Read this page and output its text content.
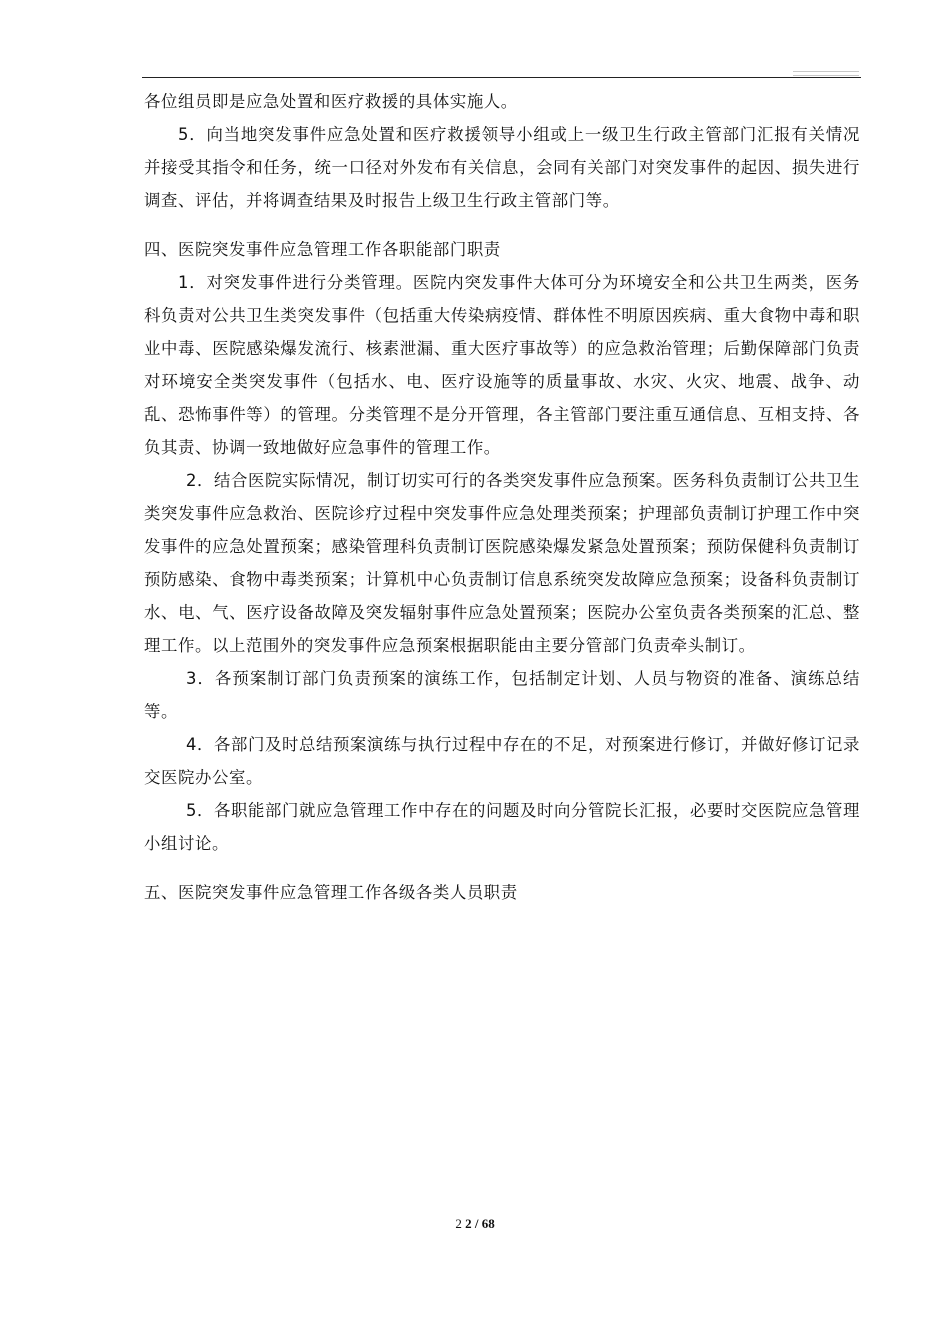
各位组员即是应急处置和医疗救援的具体实施人。

5．向当地突发事件应急处置和医疗救援领导小组或上一级卫生行政主管部门汇报有关情况并接受其指令和任务，统一口径对外发布有关信息，会同有关部门对突发事件的起因、损失进行调查、评估，并将调查结果及时报告上级卫生行政主管部门等。

四、医院突发事件应急管理工作各职能部门职责

1．对突发事件进行分类管理。医院内突发事件大体可分为环境安全和公共卫生两类，医务科负责对公共卫生类突发事件（包括重大传染病疫情、群体性不明原因疾病、重大食物中毒和职业中毒、医院感染爆发流行、核素泄漏、重大医疗事故等）的应急救治管理；后勤保障部门负责对环境安全类突发事件（包括水、电、医疗设施等的质量事故、水灾、火灾、地震、战争、动乱、恐怖事件等）的管理。分类管理不是分开管理，各主管部门要注重互通信息、互相支持、各负其责、协调一致地做好应急事件的管理工作。

2．结合医院实际情况，制订切实可行的各类突发事件应急预案。医务科负责制订公共卫生类突发事件应急救治、医院诊疗过程中突发事件应急处理类预案；护理部负责制订护理工作中突发事件的应急处置预案；感染管理科负责制订医院感染爆发紧急处置预案；预防保健科负责制订预防感染、食物中毒类预案；计算机中心负责制订信息系统突发故障应急预案；设备科负责制订水、电、气、医疗设备故障及突发辐射事件应急处置预案；医院办公室负责各类预案的汇总、整理工作。以上范围外的突发事件应急预案根据职能由主要分管部门负责牵头制订。

3．各预案制订部门负责预案的演练工作，包括制定计划、人员与物资的准备、演练总结等。

4．各部门及时总结预案演练与执行过程中存在的不足，对预案进行修订，并做好修订记录交医院办公室。

5．各职能部门就应急管理工作中存在的问题及时向分管院长汇报，必要时交医院应急管理小组讨论。

五、医院突发事件应急管理工作各级各类人员职责

2 2 / 68
